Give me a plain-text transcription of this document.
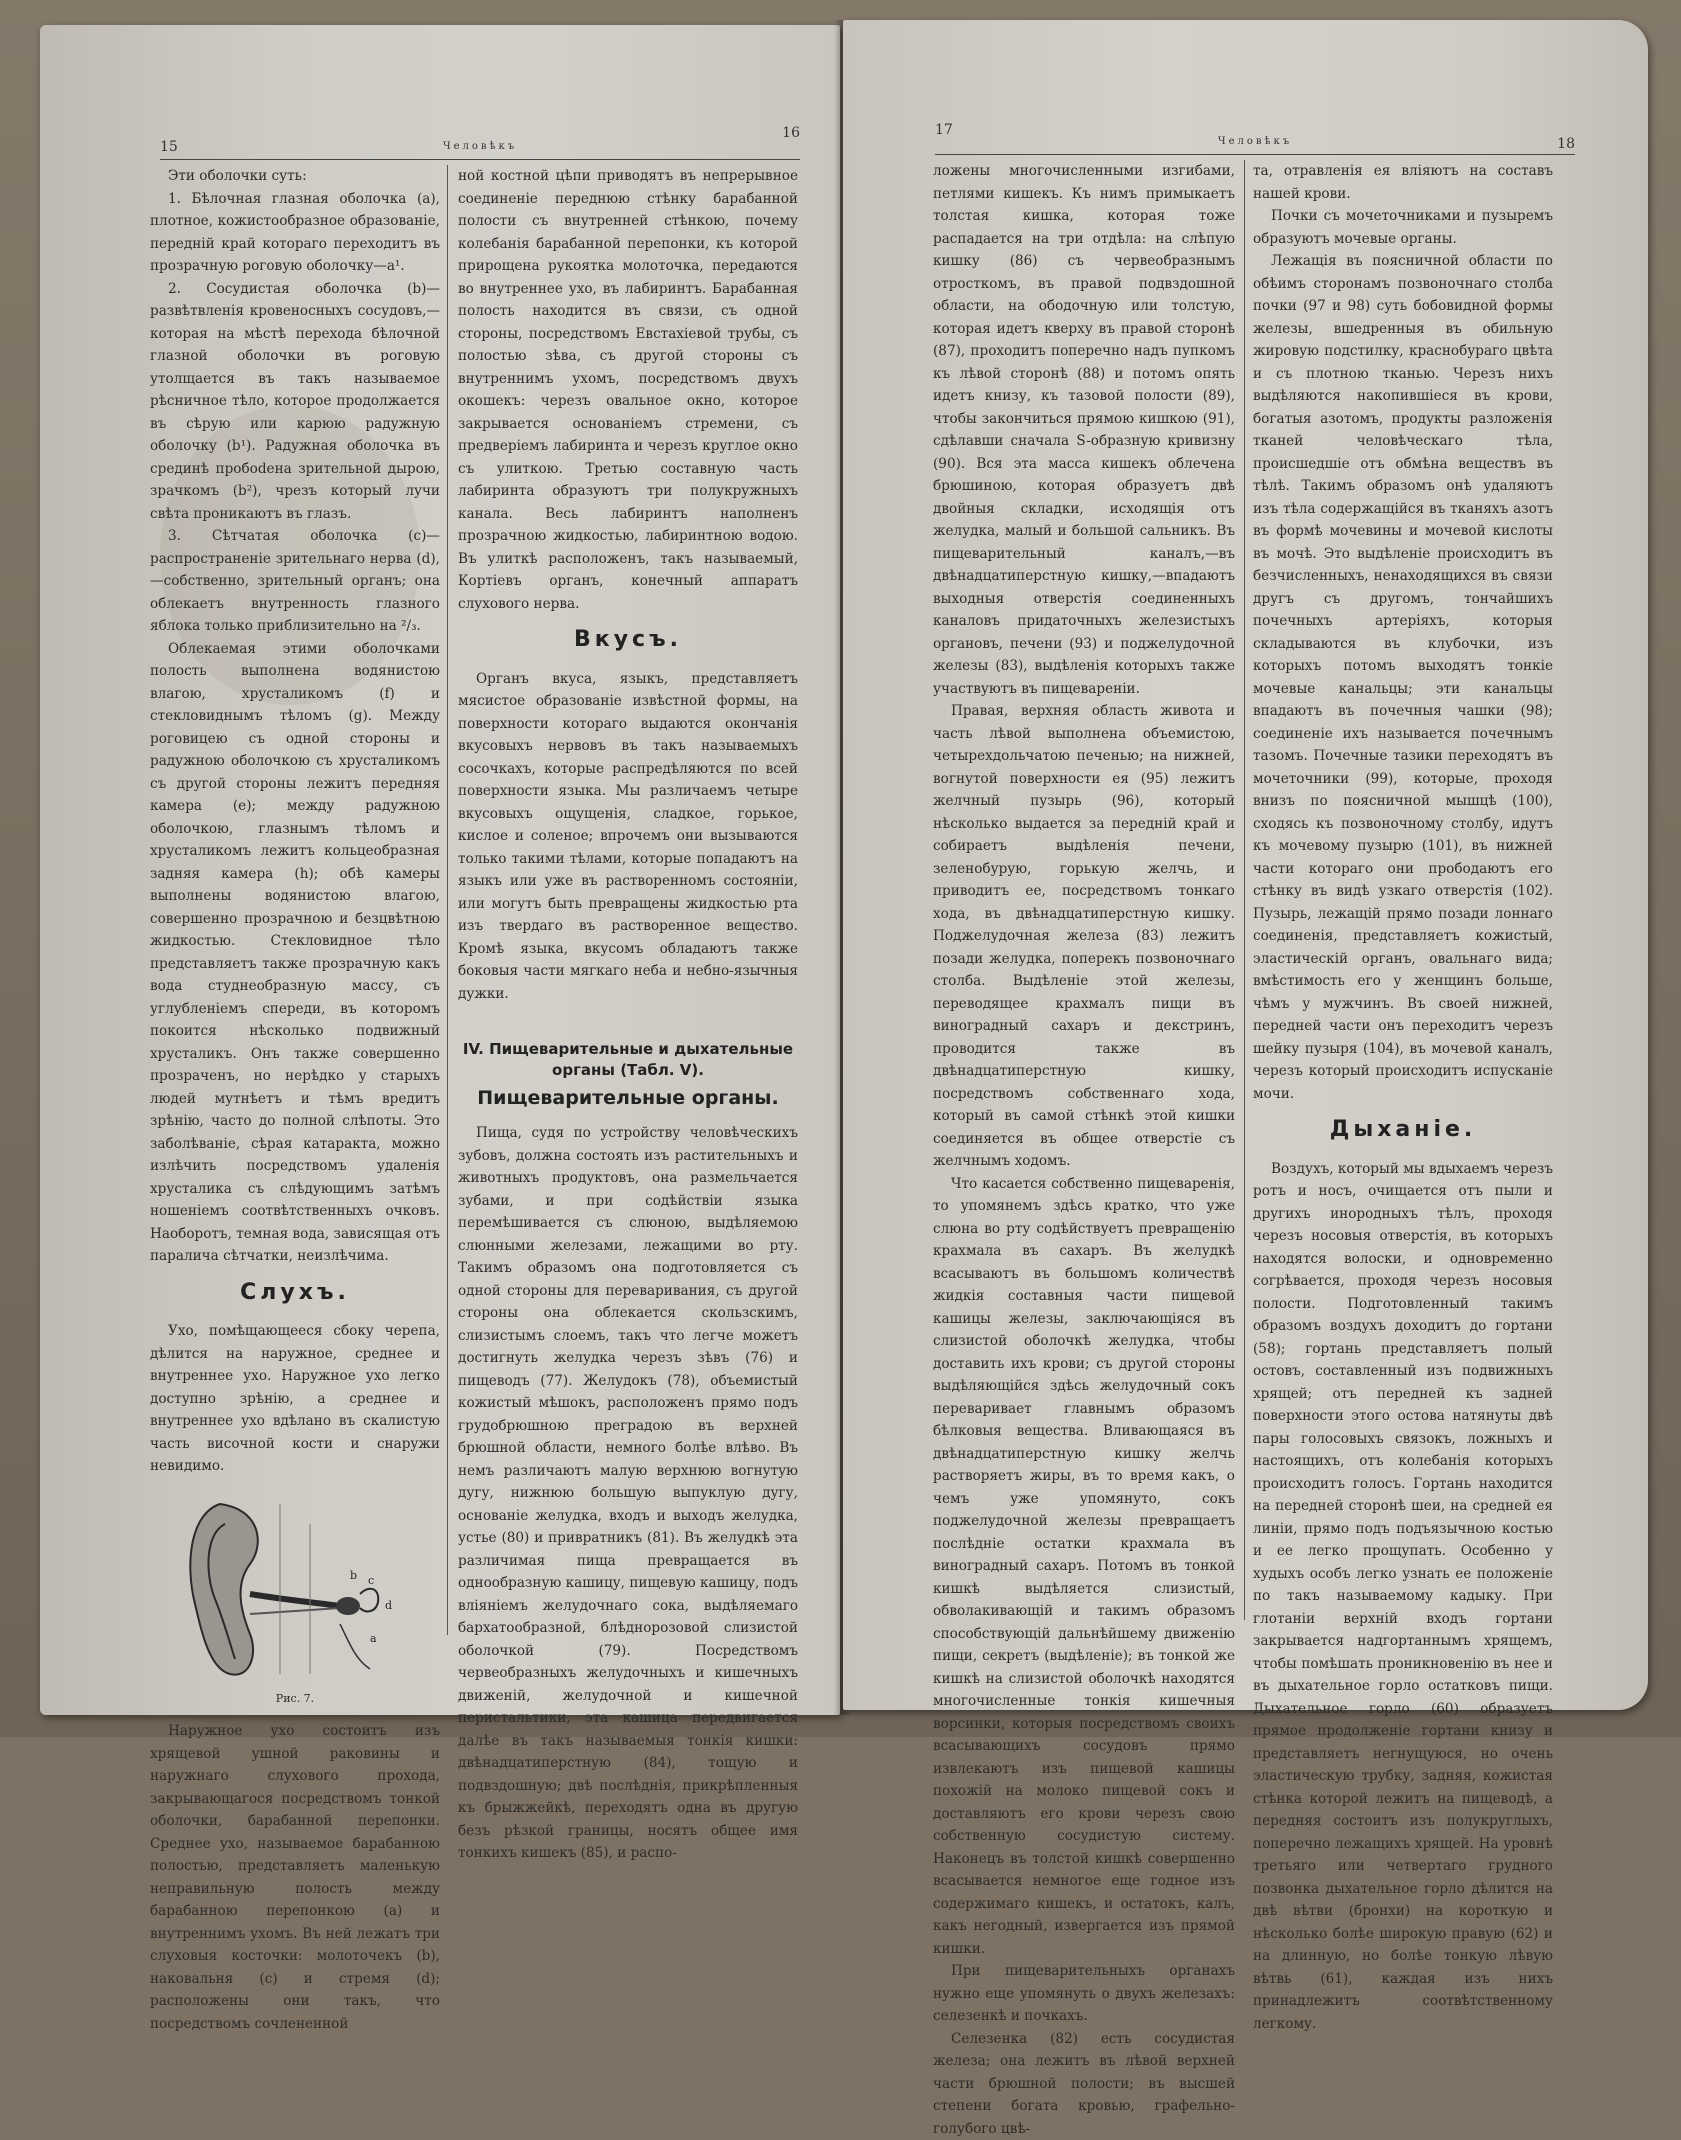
15	Человѣкъ
16

Эти оболочки суть:

1. Бѣлочная глазная оболочка (а), плотное, кожистообразное образованіе, передній край котораго переходитъ въ прозрачную роговую оболочку—а¹.

2. Сосудистая оболочка (b)—развѣтвленія кровеносныхъ сосудовъ,—которая на мѣстѣ перехода бѣлочной глазной оболочки въ роговую утолщается въ такъ называемое рѣсничное тѣло, которое продолжается въ сѣрую или карюю радужную оболочку (b¹). Радужная оболочка въ срединѣ пробоdена зрительной дырою, зрачкомъ (b²), чрезъ который лучи свѣта проникаютъ въ глазъ.

3. Сѣтчатая оболочка (с)—распространеніе зрительнаго нерва (d),—собственно, зрительный органъ; она облекаетъ внутренность глазного яблока только приблизительно на ²/₃.

Облекаемая этими оболочками полость выполнена водянистою влагою, хрусталикомъ (f) и стекловиднымъ тѣломъ (g). Между роговицею съ одной стороны и радужною оболочкою съ хрусталикомъ съ другой стороны лежитъ передняя камера (е); между радужною оболочкою, глазнымъ тѣломъ и хрусталикомъ лежитъ кольцеобразная задняя камера (h); обѣ камеры выполнены водянистою влагою, совершенно прозрачною и безцвѣтною жидкостью. Стекловидное тѣло представляетъ также прозрачную какъ вода студнеобразную массу, съ углубленіемъ спереди, въ которомъ покоится нѣсколько подвижный хрусталикъ. Онъ также совершенно прозраченъ, но нерѣдко у старыхъ людей мутнѣетъ и тѣмъ вредитъ зрѣнію, часто до полной слѣпоты. Это заболѣваніе, сѣрая катаракта, можно излѣчить посредствомъ удаленія хрусталика съ слѣдующимъ затѣмъ ношеніемъ соотвѣтственныхъ очковъ. Наоборотъ, темная вода, зависящая отъ паралича сѣтчатки, неизлѣчима.

Слухъ.

Ухо, помѣщающееся сбоку черепа, дѣлится на наружное, среднее и внутреннее ухо. Наружное ухо легко доступно зрѣнію, а среднее и внутреннее ухо вдѣлано въ скалистую часть височной кости и снаружи невидимо.

b c
d
a
Рис. 7.

Наружное ухо состоитъ изъ хрящевой ушной раковины и наружнаго слухового прохода, закрывающагося посредствомъ тонкой оболочки, барабанной перепонки. Среднее ухо, называемое барабанною полостью, представляетъ маленькую неправильную полость между барабанною перепонкою (а) и внутреннимъ ухомъ. Въ ней лежатъ три слуховыя косточки: молоточекъ (b), наковальня (с) и стремя (d); расположены они такъ, что посредствомъ сочлененной

ной костной цѣпи приводятъ въ непрерывное соединеніе переднюю стѣнку барабанной полости съ внутренней стѣнкою, почему колебанія барабанной перепонки, къ которой прирощена рукоятка молоточка, передаются во внутреннее ухо, въ лабиринтъ. Барабанная полость находится въ связи, съ одной стороны, посредствомъ Евстахіевой трубы, съ полостью зѣва, съ другой стороны съ внутреннимъ ухомъ, посредствомъ двухъ окошекъ: черезъ овальное окно, которое закрывается основаніемъ стремени, съ предверіемъ лабиринта и черезъ круглое окно съ улиткою. Третью составную часть лабиринта образуютъ три полукружныхъ канала. Весь лабиринтъ наполненъ прозрачною жидкостью, лабиринтною водою. Въ улиткѣ расположенъ, такъ называемый, Кортіевъ органъ, конечный аппаратъ слухового нерва.

Вкусъ.

Органъ вкуса, языкъ, представляетъ мясистое образованіе извѣстной формы, на поверхности котораго выдаются окончанія вкусовыхъ нервовъ въ такъ называемыхъ сосочкахъ, которые распредѣляются по всей поверхности языка. Мы различаемъ четыре вкусовыхъ ощущенія, сладкое, горькое, кислое и соленое; впрочемъ они вызываются только такими тѣлами, которые попадаютъ на языкъ или уже въ растворенномъ состояніи, или могутъ быть превращены жидкостью рта изъ твердаго въ растворенное вещество. Кромѣ языка, вкусомъ обладаютъ также боковыя части мягкаго неба и небно-язычныя дужки.

IV. Пищеварительные и дыхательные органы (Табл. V).
Пищеварительные органы.

Пища, судя по устройству человѣческихъ зубовъ, должна состоять изъ растительныхъ и животныхъ продуктовъ, она размельчается зубами, и при содѣйствіи языка перемѣшивается съ слюною, выдѣляемою слюнными железами, лежащими во рту. Такимъ образомъ она подготовляется съ одной стороны для переваривания, съ другой стороны она облекается скользскимъ, слизистымъ слоемъ, такъ что легче можетъ достигнуть желудка черезъ зѣвъ (76) и пищеводъ (77). Желудокъ (78), объемистый кожистый мѣшокъ, расположенъ прямо подъ грудобрюшною преградою въ верхней брюшной области, немного болѣе влѣво. Въ немъ различаютъ малую верхнюю вогнутую дугу, нижнюю большую выпуклую дугу, основаніе желудка, входъ и выходъ желудка, устье (80) и привратникъ (81). Въ желудкѣ эта различимая пища превращается въ однообразную кашицу, пищевую кашицу, подъ вліяніемъ желудочнаго сока, выдѣляемаго бархатообразной, блѣднорозовой слизистой оболочкой (79). Посредствомъ червеобразныхъ желудочныхъ и кишечныхъ движеній, желудочной и кишечной перистальтики, эта кашица передвигается далѣе въ такъ называемыя тонкія кишки: двѣнадцатиперстную (84), тощую и подвздошную; двѣ послѣднія, прикрѣпленныя къ брыжжейкѣ, переходятъ одна въ другую безъ рѣзкой границы, носятъ общее имя тонкихъ кишекъ (85), и распо-

17
Человѣкъ	18

ложены многочисленными изгибами, петлями кишекъ. Къ нимъ примыкаетъ толстая кишка, которая тоже распадается на три отдѣла: на слѣпую кишку (86) съ червеобразнымъ отросткомъ, въ правой подвздошной области, на ободочную или толстую, которая идетъ кверху въ правой сторонѣ (87), проходитъ поперечно надъ пупкомъ къ лѣвой сторонѣ (88) и потомъ опять идетъ книзу, къ тазовой полости (89), чтобы закончиться прямою кишкою (91), сдѣлавши сначала S-образную кривизну (90). Вся эта масса кишекъ облечена брюшиною, которая образуетъ двѣ двойныя складки, исходящія отъ желудка, малый и большой сальникъ. Въ пищеварительный каналъ,—въ двѣнадцатиперстную кишку,—впадаютъ выходныя отверстія соединенныхъ каналовъ придаточныхъ железистыхъ органовъ, печени (93) и поджелудочной железы (83), выдѣленія которыхъ также участвуютъ въ пищевареніи.

Правая, верхняя область живота и часть лѣвой выполнена объемистою, четырехдольчатою печенью; на нижней, вогнутой поверхности ея (95) лежитъ желчный пузырь (96), который нѣсколько выдается за передній край и собираетъ выдѣленія печени, зеленобурую, горькую желчь, и приводитъ ее, посредствомъ тонкаго хода, въ двѣнадцатиперстную кишку. Поджелудочная железа (83) лежитъ позади желудка, поперекъ позвоночнаго столба. Выдѣленіе этой железы, переводящее крахмалъ пищи въ виноградный сахаръ и декстринъ, проводится также въ двѣнадцатиперстную кишку, посредствомъ собственнаго хода, который въ самой стѣнкѣ этой кишки соединяется въ общее отверстіе съ желчнымъ ходомъ.

Что касается собственно пищеваренія, то упомянемъ здѣсь кратко, что уже слюна во рту содѣйствуетъ превращенію крахмала въ сахаръ. Въ желудкѣ всасываютъ въ большомъ количествѣ жидкія составныя части пищевой кашицы железы, заключающіяся въ слизистой оболочкѣ желудка, чтобы доставить ихъ крови; съ другой стороны выдѣляющійся здѣсь желудочный сокъ переваривает главнымъ образомъ бѣлковыя вещества. Вливающаяся въ двѣнадцатиперстную кишку желчь растворяетъ жиры, въ то время какъ, о чемъ уже упомянуто, сокъ поджелудочной железы превращаетъ послѣдніе остатки крахмала въ виноградный сахаръ. Потомъ въ тонкой кишкѣ выдѣляется слизистый, обволакивающій и такимъ образомъ способствующій дальнѣйшему движенію пищи, секретъ (выдѣленіе); въ тонкой же кишкѣ на слизистой оболочкѣ находятся многочисленные тонкія кишечныя ворсинки, которыя посредствомъ своихъ всасывающихъ сосудовъ прямо извлекаютъ изъ пищевой кашицы похожій на молоко пищевой сокъ и доставляютъ его крови черезъ свою собственную сосудистую систему. Наконецъ въ толстой кишкѣ совершенно всасывается немногое еще годное изъ содержимаго кишекъ, и остатокъ, калъ, какъ негодный, извергается изъ прямой кишки.

При пищеварительныхъ органахъ нужно еще упомянуть о двухъ железахъ: селезенкѣ и почкахъ.

Селезенка (82) есть сосудистая железа; она лежитъ въ лѣвой верхней части брюшной полости; въ высшей степени богата кровью, графельно-голубого цвѣ-

та, отравленія ея вліяютъ на составъ нашей крови.

Почки съ мочеточниками и пузыремъ образуютъ мочевые органы.

Лежащія въ поясничной области по обѣимъ сторонамъ позвоночнаго столба почки (97 и 98) суть бобовидной формы железы, вшедренныя въ обильную жировую подстилку, краснобураго цвѣта и съ плотною тканью. Черезъ нихъ выдѣляются накопившіеся въ крови, богатыя азотомъ, продукты разложенія тканей человѣческаго тѣла, происшедшіе отъ обмѣна веществъ въ тѣлѣ. Такимъ образомъ онѣ удаляютъ изъ тѣла содержащійся въ тканяхъ азотъ въ формѣ мочевины и мочевой кислоты въ мочѣ. Это выдѣленіе происходитъ въ безчисленныхъ, ненаходящихся въ связи другъ съ другомъ, тончайшихъ почечныхъ артеріяхъ, которыя складываются въ клубочки, изъ которыхъ потомъ выходятъ тонкіе мочевые канальцы; эти канальцы впадаютъ въ почечныя чашки (98); соединеніе ихъ называется почечнымъ тазомъ. Почечные тазики переходятъ въ мочеточники (99), которые, проходя внизъ по поясничной мышцѣ (100), сходясь къ позвоночному столбу, идутъ къ мочевому пузырю (101), въ нижней части котораго они прободаютъ его стѣнку въ видѣ узкаго отверстія (102). Пузырь, лежащій прямо позади лоннаго соединенія, представляетъ кожистый, эластическій органъ, овальнаго вида; вмѣстимость его у женщинъ больше, чѣмъ у мужчинъ. Въ своей нижней, передней части онъ переходитъ черезъ шейку пузыря (104), въ мочевой каналъ, черезъ который происходитъ испусканіе мочи.

Дыханіе.

Воздухъ, который мы вдыхаемъ черезъ ротъ и носъ, очищается отъ пыли и другихъ инородныхъ тѣлъ, проходя черезъ носовыя отверстія, въ которыхъ находятся волоски, и одновременно согрѣвается, проходя черезъ носовыя полости. Подготовленный такимъ образомъ воздухъ доходитъ до гортани (58); гортань представляетъ полый остовъ, составленный изъ подвижныхъ хрящей; отъ передней къ задней поверхности этого остова натянуты двѣ пары голосовыхъ связокъ, ложныхъ и настоящихъ, отъ колебанія которыхъ происходитъ голосъ. Гортань находится на передней сторонѣ шеи, на средней ея линіи, прямо подъ подъязычною костью и ее легко прощупать. Особенно у худыхъ особъ легко узнать ее положеніе по такъ называемому кадыку. При глотаніи верхній входъ гортани закрывается надгортаннымъ хрящемъ, чтобы помѣшать проникновенію въ нее и въ дыхательное горло остатковъ пищи. Дыхательное горло (60) образуетъ прямое продолженіе гортани книзу и представляетъ негнущуюся, но очень эластическую трубку, задняя, кожистая стѣнка которой лежитъ на пищеводѣ, а передняя состоитъ изъ полукруглыхъ, поперечно лежащихъ хрящей. На уровнѣ третьяго или четвертаго грудного позвонка дыхательное горло дѣлится на двѣ вѣтви (бронхи) на короткую и нѣсколько болѣе широкую правую (62) и на длинную, но болѣе тонкую лѣвую вѣтвь (61), каждая изъ нихъ принадлежитъ соотвѣтственному легкому.
